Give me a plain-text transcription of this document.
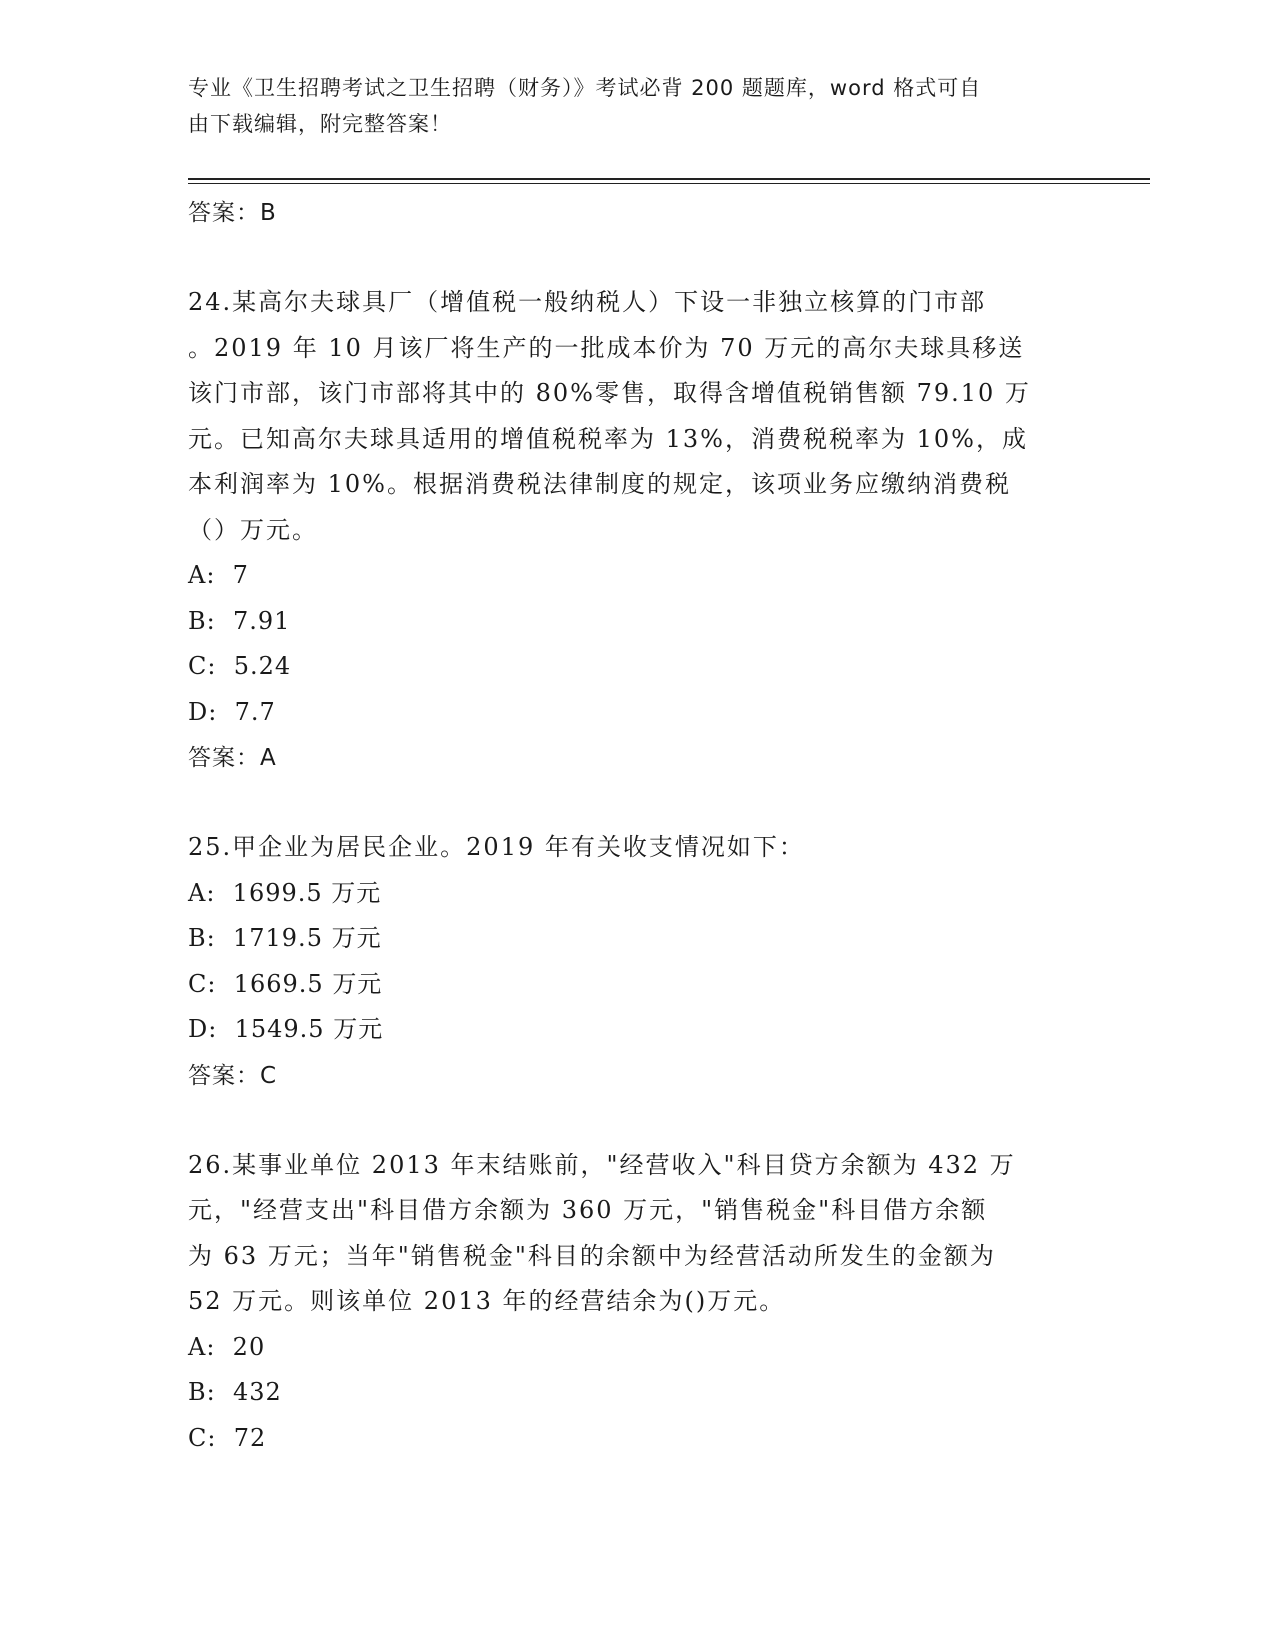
专业《卫生招聘考试之卫生招聘（财务）》考试必背 200 题题库，word 格式可自
由下载编辑，附完整答案！
答案：B

24.某高尔夫球具厂（增值税一般纳税人）下设一非独立核算的门市部
。2019 年 10 月该厂将生产的一批成本价为 70 万元的高尔夫球具移送
该门市部，该门市部将其中的 80%零售，取得含增值税销售额 79.10 万
元。已知高尔夫球具适用的增值税税率为 13%，消费税税率为 10%，成
本利润率为 10%。根据消费税法律制度的规定，该项业务应缴纳消费税
（）万元。

A:  7
B:  7.91
C:  5.24
D:  7.7
答案：A

25.甲企业为居民企业。2019 年有关收支情况如下：

A:  1699.5 万元
B:  1719.5 万元
C:  1669.5 万元
D:  1549.5 万元
答案：C

26.某事业单位 2013 年末结账前，"经营收入"科目贷方余额为 432 万
元，"经营支出"科目借方余额为 360 万元，"销售税金"科目借方余额
为 63 万元；当年"销售税金"科目的余额中为经营活动所发生的金额为
52 万元。则该单位 2013 年的经营结余为()万元。

A:  20
B:  432
C:  72
